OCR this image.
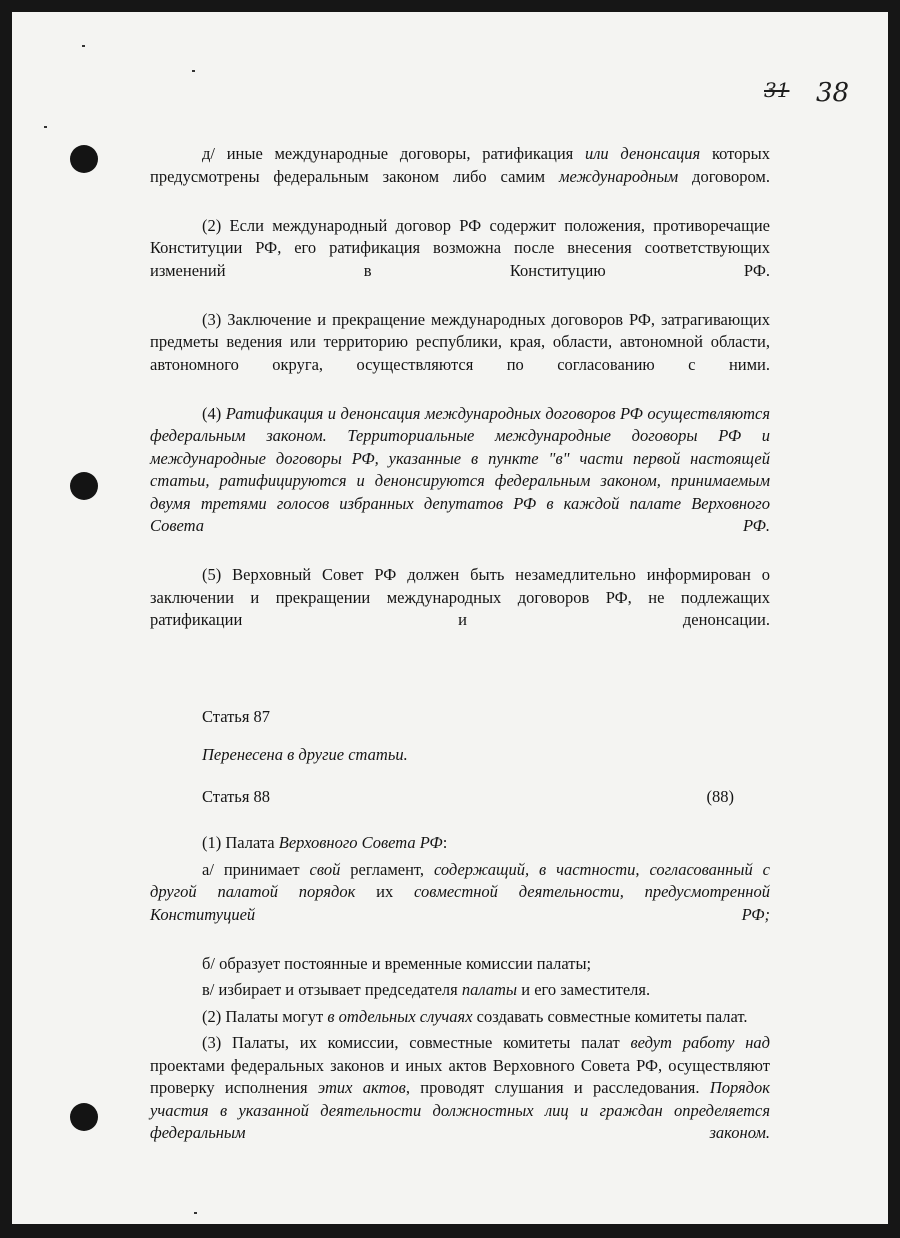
31 38

д/ иные международные договоры, ратификация или денонсация которых предусмотрены федеральным законом либо самим международным договором.

(2) Если международный договор РФ содержит положения, противоречащие Конституции РФ, его ратификация возможна после внесения соответствующих изменений в Конституцию РФ.

(3) Заключение и прекращение международных договоров РФ, затрагивающих предметы ведения или территорию республики, края, области, автономной области, автономного округа, осуществляются по согласованию с ними.

(4) Ратификация и денонсация международных договоров РФ осуществляются федеральным законом. Территориальные международные договоры РФ и международные договоры РФ, указанные в пункте "в" части первой настоящей статьи, ратифицируются и денонсируются федеральным законом, принимаемым двумя третями голосов избранных депутатов РФ в каждой палате Верховного Совета РФ.

(5) Верховный Совет РФ должен быть незамедлительно информирован о заключении и прекращении международных договоров РФ, не подлежащих ратификации и денонсации.

Статья 87

Перенесена в другие статьи.

Статья 88	(88)

(1) Палата Верховного Совета РФ:

а/ принимает свой регламент, содержащий, в частности, согласованный с другой палатой порядок их совместной деятельности, предусмотренной Конституцией РФ;

б/ образует постоянные и временные комиссии палаты;

в/ избирает и отзывает председателя палаты и его заместителя.

(2) Палаты могут в отдельных случаях создавать совместные комитеты палат.

(3) Палаты, их комиссии, совместные комитеты палат ведут работу над проектами федеральных законов и иных актов Верховного Совета РФ, осуществляют проверку исполнения этих актов, проводят слушания и расследования. Порядок участия в указанной деятельности должностных лиц и граждан определяется федеральным законом.
